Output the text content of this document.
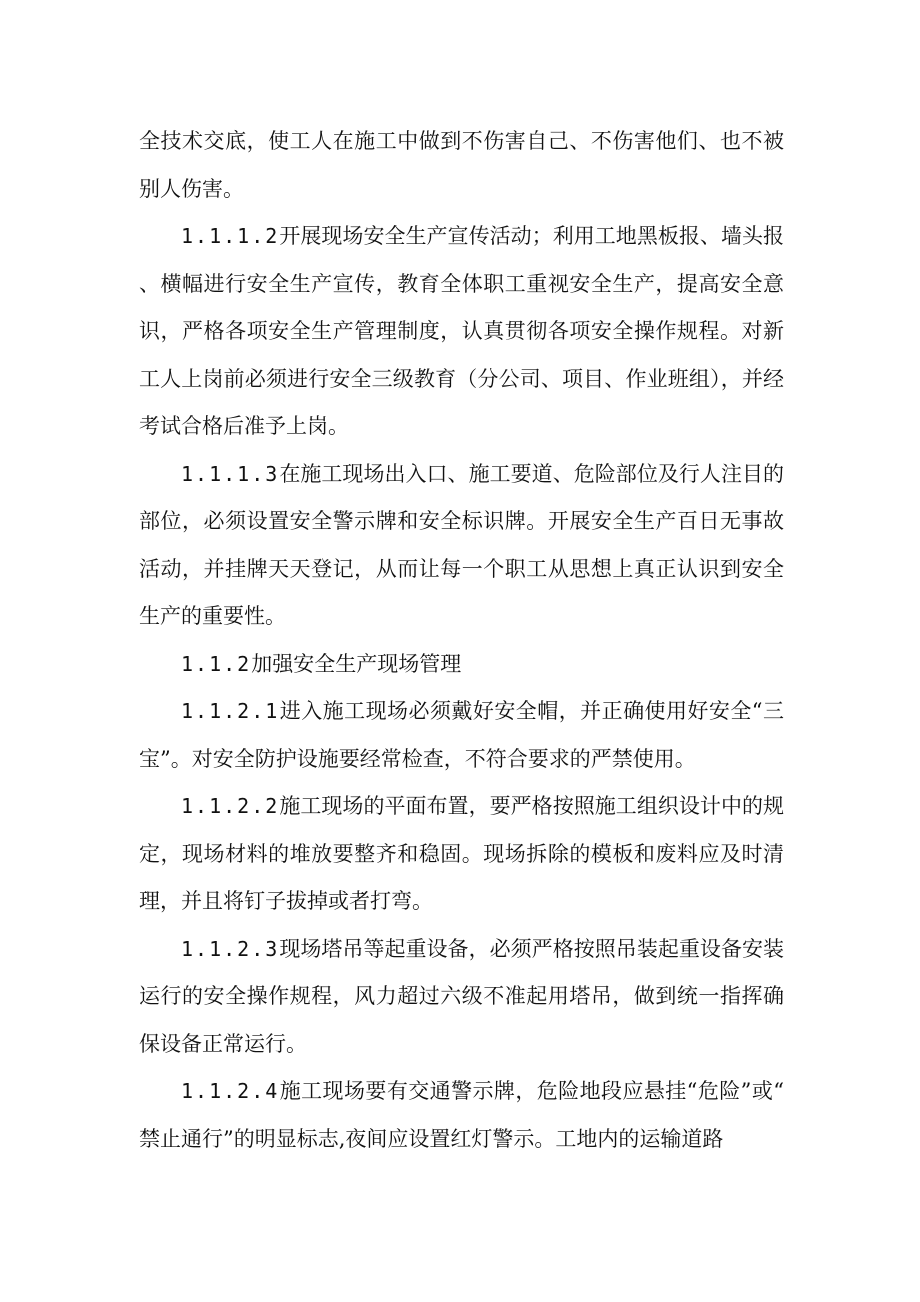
全技术交底，使工人在施工中做到不伤害自己、不伤害他们、也不被别人伤害。

1.1.1.2开展现场安全生产宣传活动；利用工地黑板报、墙头报、横幅进行安全生产宣传，教育全体职工重视安全生产，提高安全意识，严格各项安全生产管理制度，认真贯彻各项安全操作规程。对新工人上岗前必须进行安全三级教育（分公司、项目、作业班组），并经考试合格后准予上岗。

1.1.1.3在施工现场出入口、施工要道、危险部位及行人注目的部位，必须设置安全警示牌和安全标识牌。开展安全生产百日无事故活动，并挂牌天天登记，从而让每一个职工从思想上真正认识到安全生产的重要性。

1.1.2加强安全生产现场管理

1.1.2.1进入施工现场必须戴好安全帽，并正确使用好安全“三宝”。对安全防护设施要经常检查，不符合要求的严禁使用。

1.1.2.2施工现场的平面布置，要严格按照施工组织设计中的规定，现场材料的堆放要整齐和稳固。现场拆除的模板和废料应及时清理，并且将钉子拔掉或者打弯。

1.1.2.3现场塔吊等起重设备，必须严格按照吊装起重设备安装运行的安全操作规程，风力超过六级不准起用塔吊，做到统一指挥确保设备正常运行。

1.1.2.4施工现场要有交通警示牌，危险地段应悬挂“危险”或“禁止通行”的明显标志,夜间应设置红灯警示。工地内的运输道路
